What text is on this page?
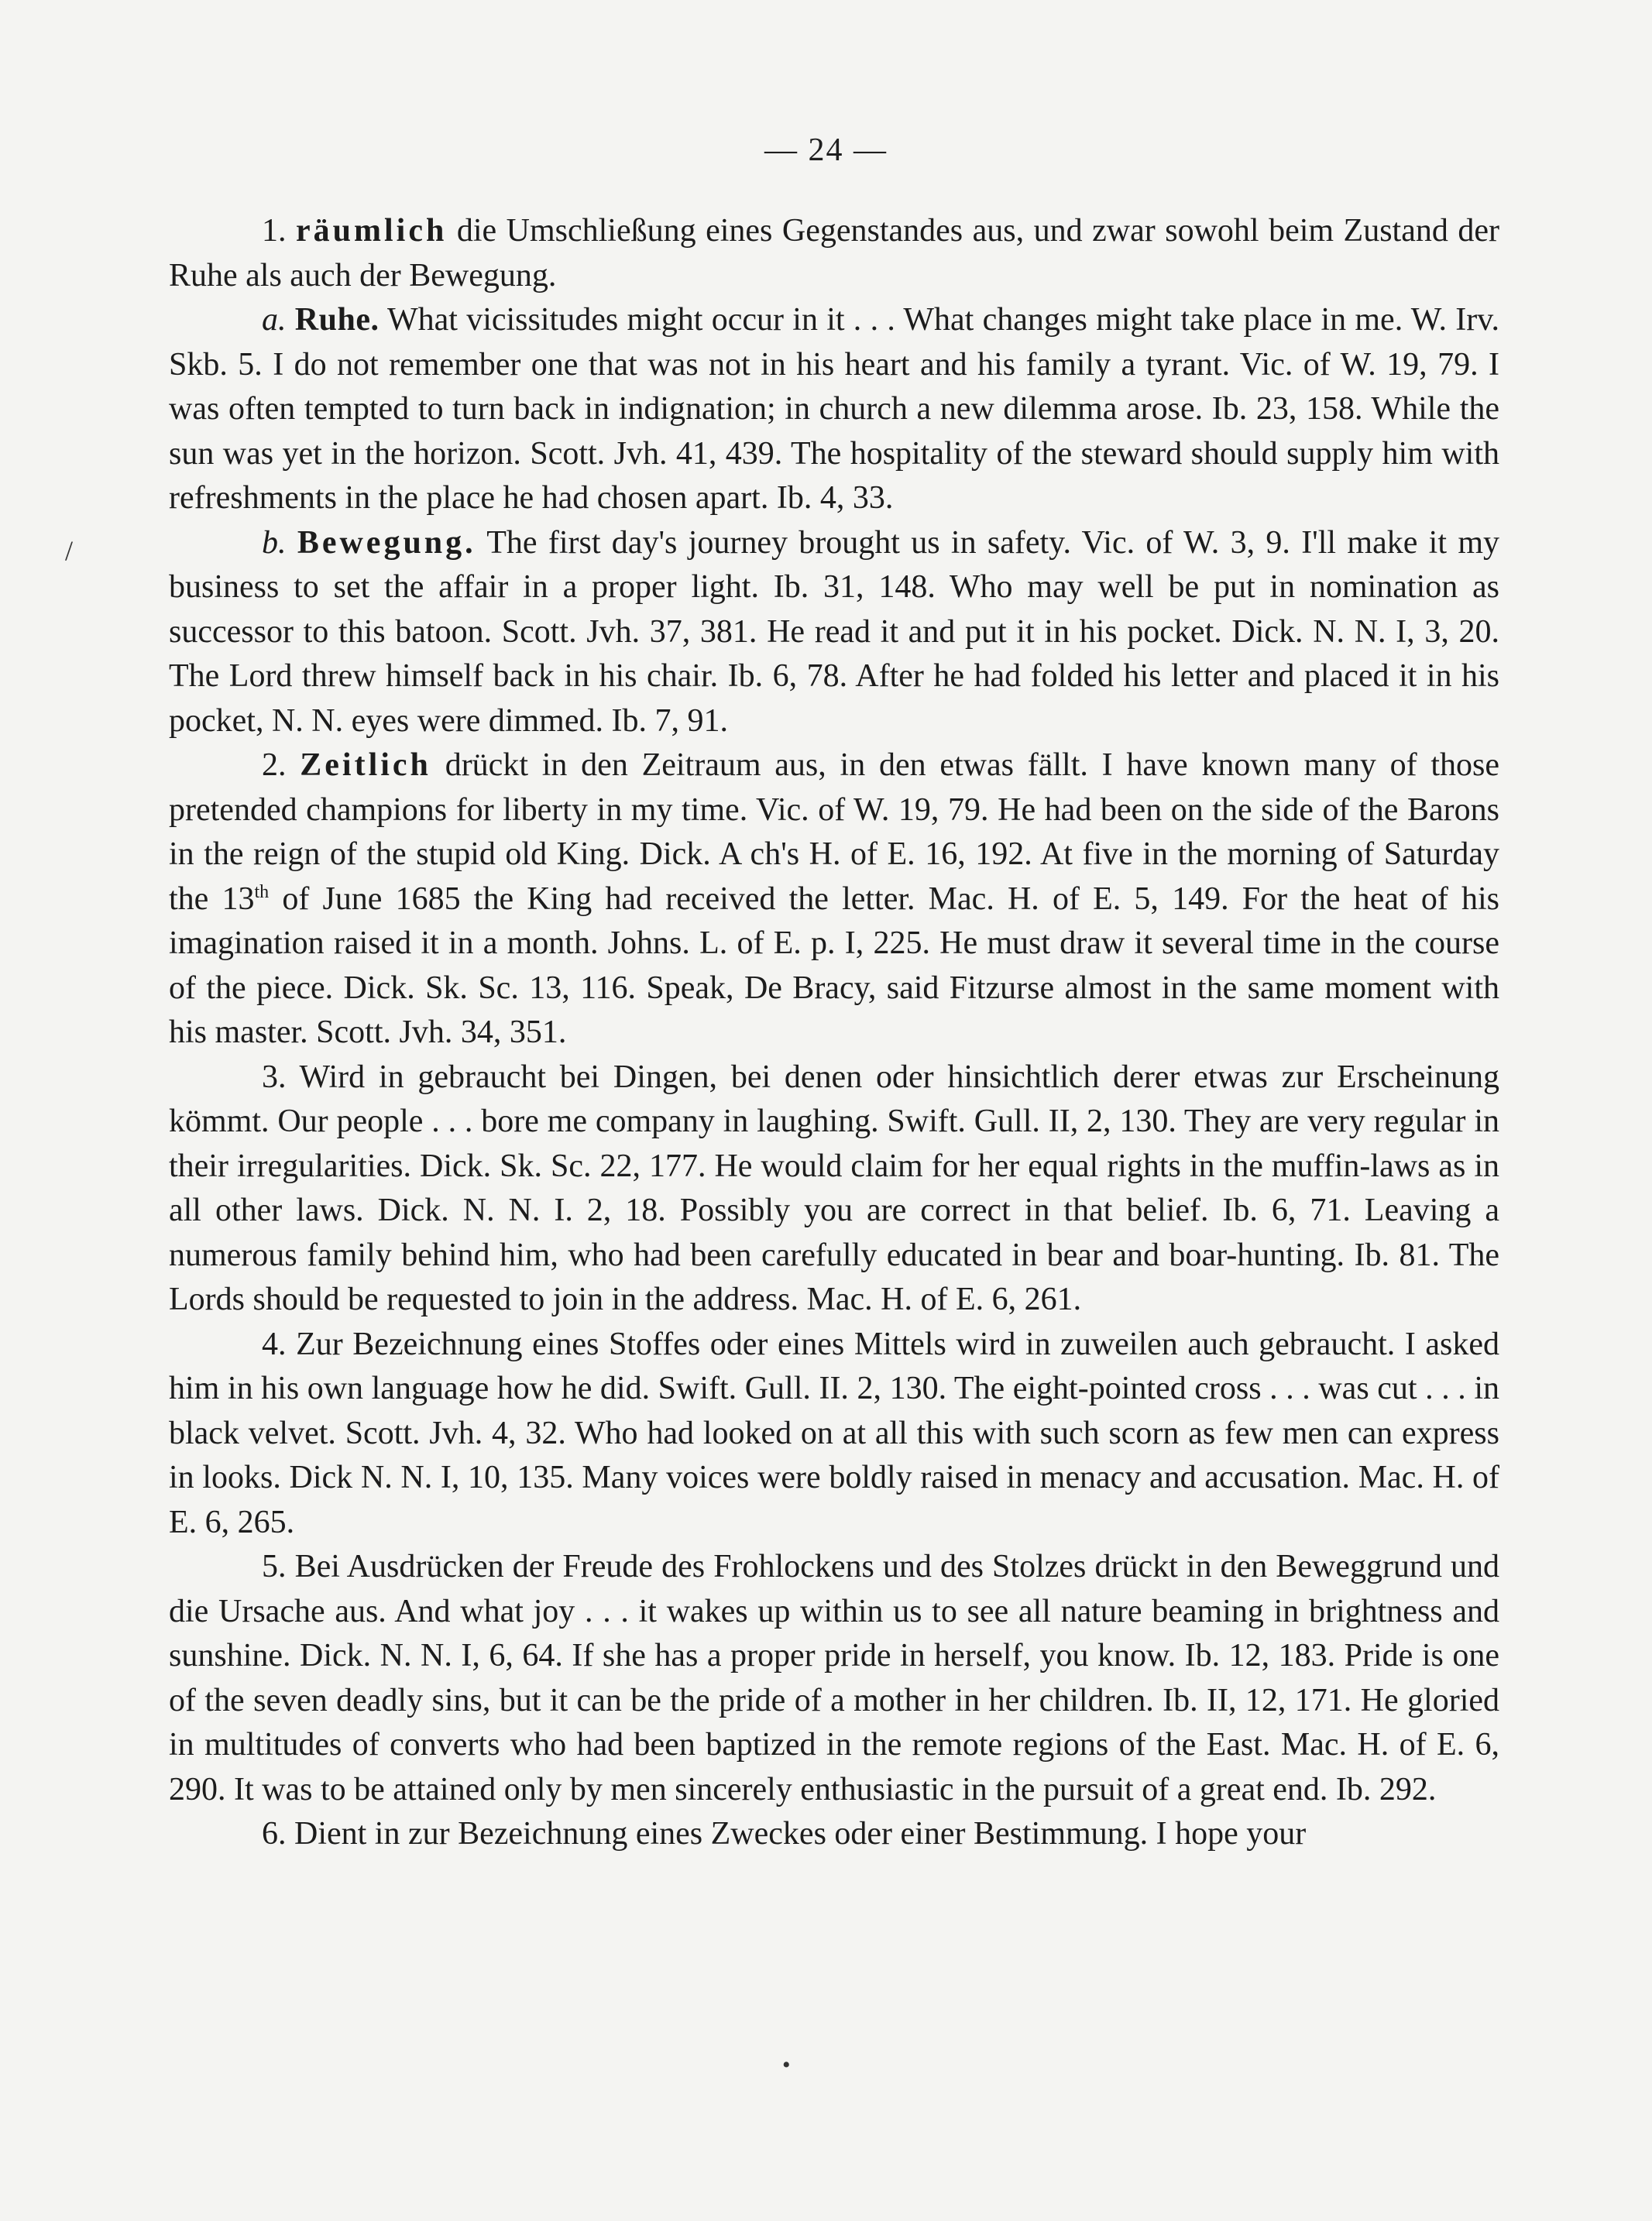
— 24 —

1. räumlich die Umschließung eines Gegenstandes aus, und zwar sowohl beim Zustand der Ruhe als auch der Bewegung.

a. Ruhe. What vicissitudes might occur in it . . . What changes might take place in me. W. Irv. Skb. 5. I do not remember one that was not in his heart and his family a tyrant. Vic. of W. 19, 79. I was often tempted to turn back in indignation; in church a new dilemma arose. Ib. 23, 158. While the sun was yet in the horizon. Scott. Jvh. 41, 439. The hospitality of the steward should supply him with refreshments in the place he had chosen apart. Ib. 4, 33.

b. Bewegung. The first day's journey brought us in safety. Vic. of W. 3, 9. I'll make it my business to set the affair in a proper light. Ib. 31, 148. Who may well be put in nomination as successor to this batoon. Scott. Jvh. 37, 381. He read it and put it in his pocket. Dick. N. N. I, 3, 20. The Lord threw himself back in his chair. Ib. 6, 78. After he had folded his letter and placed it in his pocket, N. N. eyes were dimmed. Ib. 7, 91.

2. Zeitlich drückt in den Zeitraum aus, in den etwas fällt. I have known many of those pretended champions for liberty in my time. Vic. of W. 19, 79. He had been on the side of the Barons in the reign of the stupid old King. Dick. A ch's H. of E. 16, 192. At five in the morning of Saturday the 13th of June 1685 the King had received the letter. Mac. H. of E. 5, 149. For the heat of his imagination raised it in a month. Johns. L. of E. p. I, 225. He must draw it several time in the course of the piece. Dick. Sk. Sc. 13, 116. Speak, De Bracy, said Fitzurse almost in the same moment with his master. Scott. Jvh. 34, 351.

3. Wird in gebraucht bei Dingen, bei denen oder hinsichtlich derer etwas zur Erscheinung kömmt. Our people . . . bore me company in laughing. Swift. Gull. II, 2, 130. They are very regular in their irregularities. Dick. Sk. Sc. 22, 177. He would claim for her equal rights in the muffin-laws as in all other laws. Dick. N. N. I. 2, 18. Possibly you are correct in that belief. Ib. 6, 71. Leaving a numerous family behind him, who had been carefully educated in bear and boar-hunting. Ib. 81. The Lords should be requested to join in the address. Mac. H. of E. 6, 261.

4. Zur Bezeichnung eines Stoffes oder eines Mittels wird in zuweilen auch gebraucht. I asked him in his own language how he did. Swift. Gull. II. 2, 130. The eight-pointed cross . . . was cut . . . in black velvet. Scott. Jvh. 4, 32. Who had looked on at all this with such scorn as few men can express in looks. Dick N. N. I, 10, 135. Many voices were boldly raised in menacy and accusation. Mac. H. of E. 6, 265.

5. Bei Ausdrücken der Freude des Frohlockens und des Stolzes drückt in den Beweggrund und die Ursache aus. And what joy . . . it wakes up within us to see all nature beaming in brightness and sunshine. Dick. N. N. I, 6, 64. If she has a proper pride in herself, you know. Ib. 12, 183. Pride is one of the seven deadly sins, but it can be the pride of a mother in her children. Ib. II, 12, 171. He gloried in multitudes of converts who had been baptized in the remote regions of the East. Mac. H. of E. 6, 290. It was to be attained only by men sincerely enthusiastic in the pursuit of a great end. Ib. 292.

6. Dient in zur Bezeichnung eines Zweckes oder einer Bestimmung. I hope your

/
•
